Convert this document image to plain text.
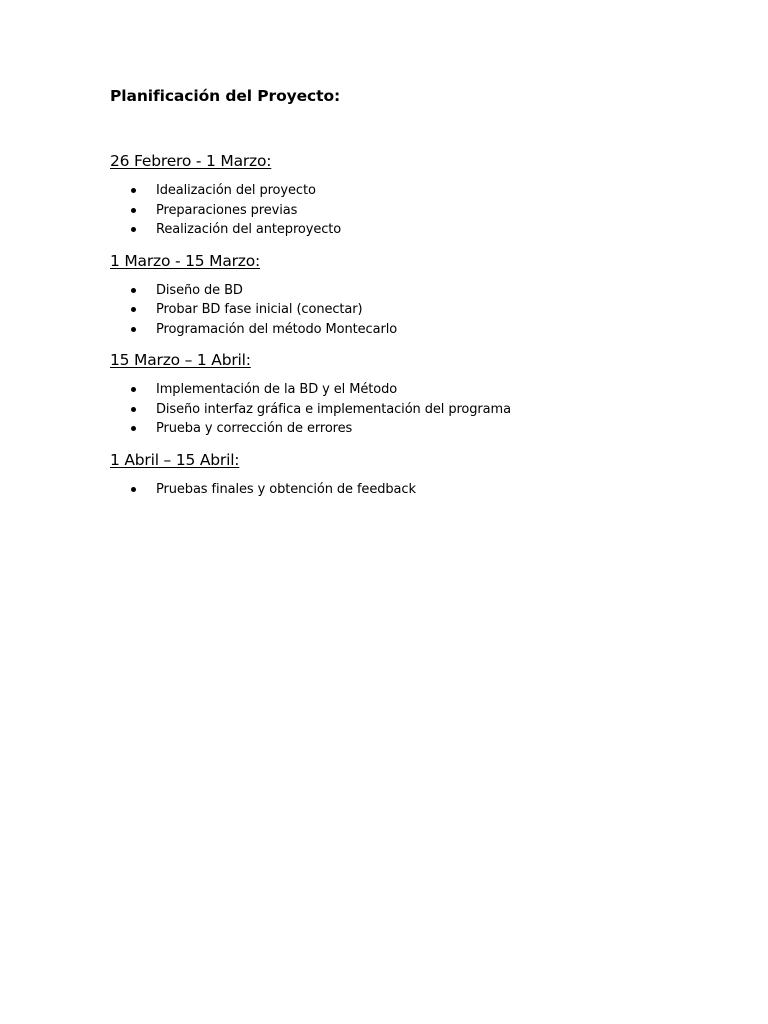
Planificación del Proyecto:
26 Febrero - 1 Marzo:
Idealización del proyecto
Preparaciones previas
Realización del anteproyecto
1 Marzo - 15 Marzo:
Diseño de BD
Probar BD fase inicial (conectar)
Programación del método Montecarlo
15 Marzo – 1 Abril:
Implementación de la BD y el Método
Diseño interfaz gráfica e implementación del programa
Prueba y corrección de errores
1 Abril – 15 Abril:
Pruebas finales y obtención de feedback
